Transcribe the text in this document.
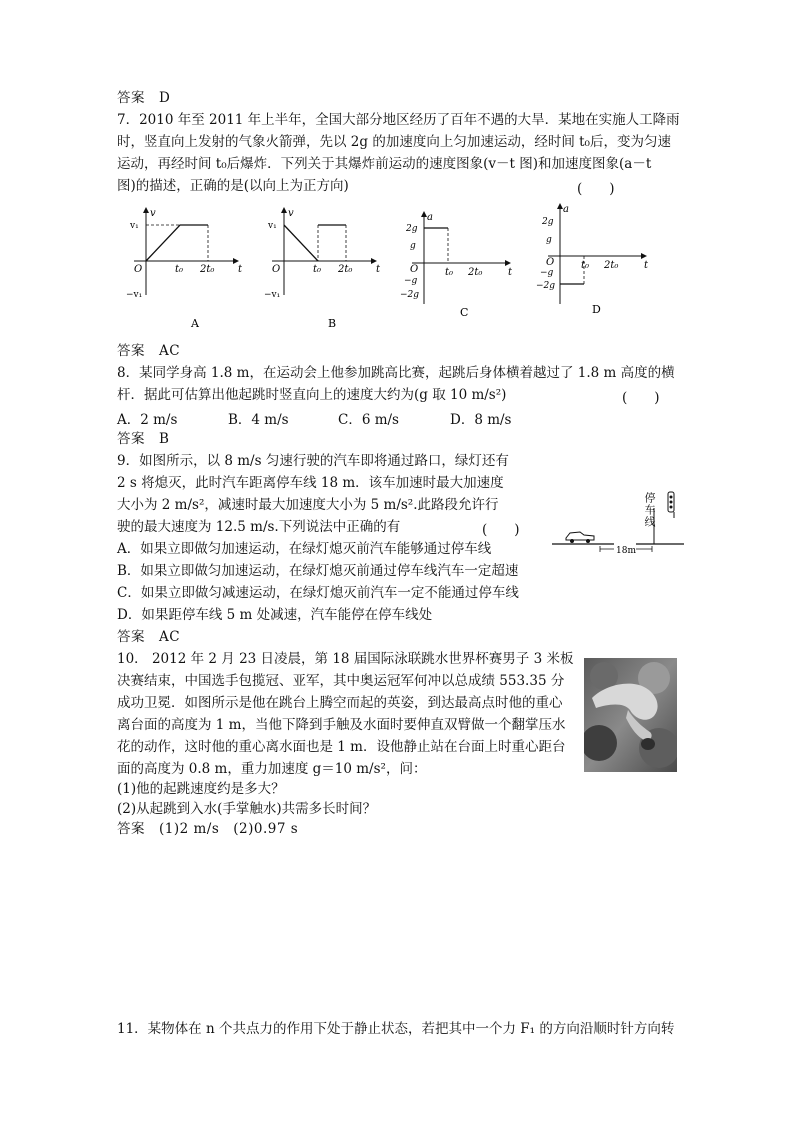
答案　D
7．2010 年至 2011 年上半年，全国大部分地区经历了百年不遇的大旱．某地在实施人工降雨
时，竖直向上发射的气象火箭弹，先以 2g 的加速度向上匀加速运动，经时间 t₀后，变为匀速
运动，再经时间 t₀后爆炸．下列关于其爆炸前运动的速度图象(v－t 图)和加速度图象(a－t
图)的描述，正确的是(以向上为正方向)	(　　)
v
v₁
O
−v₁
t₀ 2t₀ t
A
v
v₁
O
−v₁
t₀ 2t₀ t
B
a
2g
g
O
−g
−2g
t₀ 2t₀	t
C
a
2g
g
O
−g
−2g
t₀ 2t₀	t
D
答案　AC
8．某同学身高 1.8 m，在运动会上他参加跳高比赛，起跳后身体横着越过了 1.8 m 高度的横
杆．据此可估算出他起跳时竖直向上的速度大约为(g 取 10 m/s²)	(　　)
A．2 m/s	B．4 m/s	C．6 m/s	D．8 m/s
答案　B
9．如图所示，以 8 m/s 匀速行驶的汽车即将通过路口，绿灯还有
2 s 将熄灭，此时汽车距离停车线 18 m．该车加速时最大加速度
大小为 2 m/s²，减速时最大加速度大小为 5 m/s².此路段允许行
驶的最大速度为 12.5 m/s.下列说法中正确的有	(　　)
A．如果立即做匀加速运动，在绿灯熄灭前汽车能够通过停车线
B．如果立即做匀加速运动，在绿灯熄灭前通过停车线汽车一定超速
C．如果立即做匀减速运动，在绿灯熄灭前汽车一定不能通过停车线
D．如果距停车线 5 m 处减速，汽车能停在停车线处
答案　AC
18m
停车线
10． 2012 年 2 月 23 日凌晨，第 18 届国际泳联跳水世界杯赛男子 3 米板
决赛结束，中国选手包揽冠、亚军，其中奥运冠军何冲以总成绩 553.35 分
成功卫冕．如图所示是他在跳台上腾空而起的英姿，到达最高点时他的重心
离台面的高度为 1 m，当他下降到手触及水面时要伸直双臂做一个翻掌压水
花的动作，这时他的重心离水面也是 1 m．设他静止站在台面上时重心距台
面的高度为 0.8 m，重力加速度 g＝10 m/s²，问：
(1)他的起跳速度约是多大？
(2)从起跳到入水(手掌触水)共需多长时间？
答案　(1)2 m/s　(2)0.97 s
11．某物体在 n 个共点力的作用下处于静止状态，若把其中一个力 F₁ 的方向沿顺时针方向转
